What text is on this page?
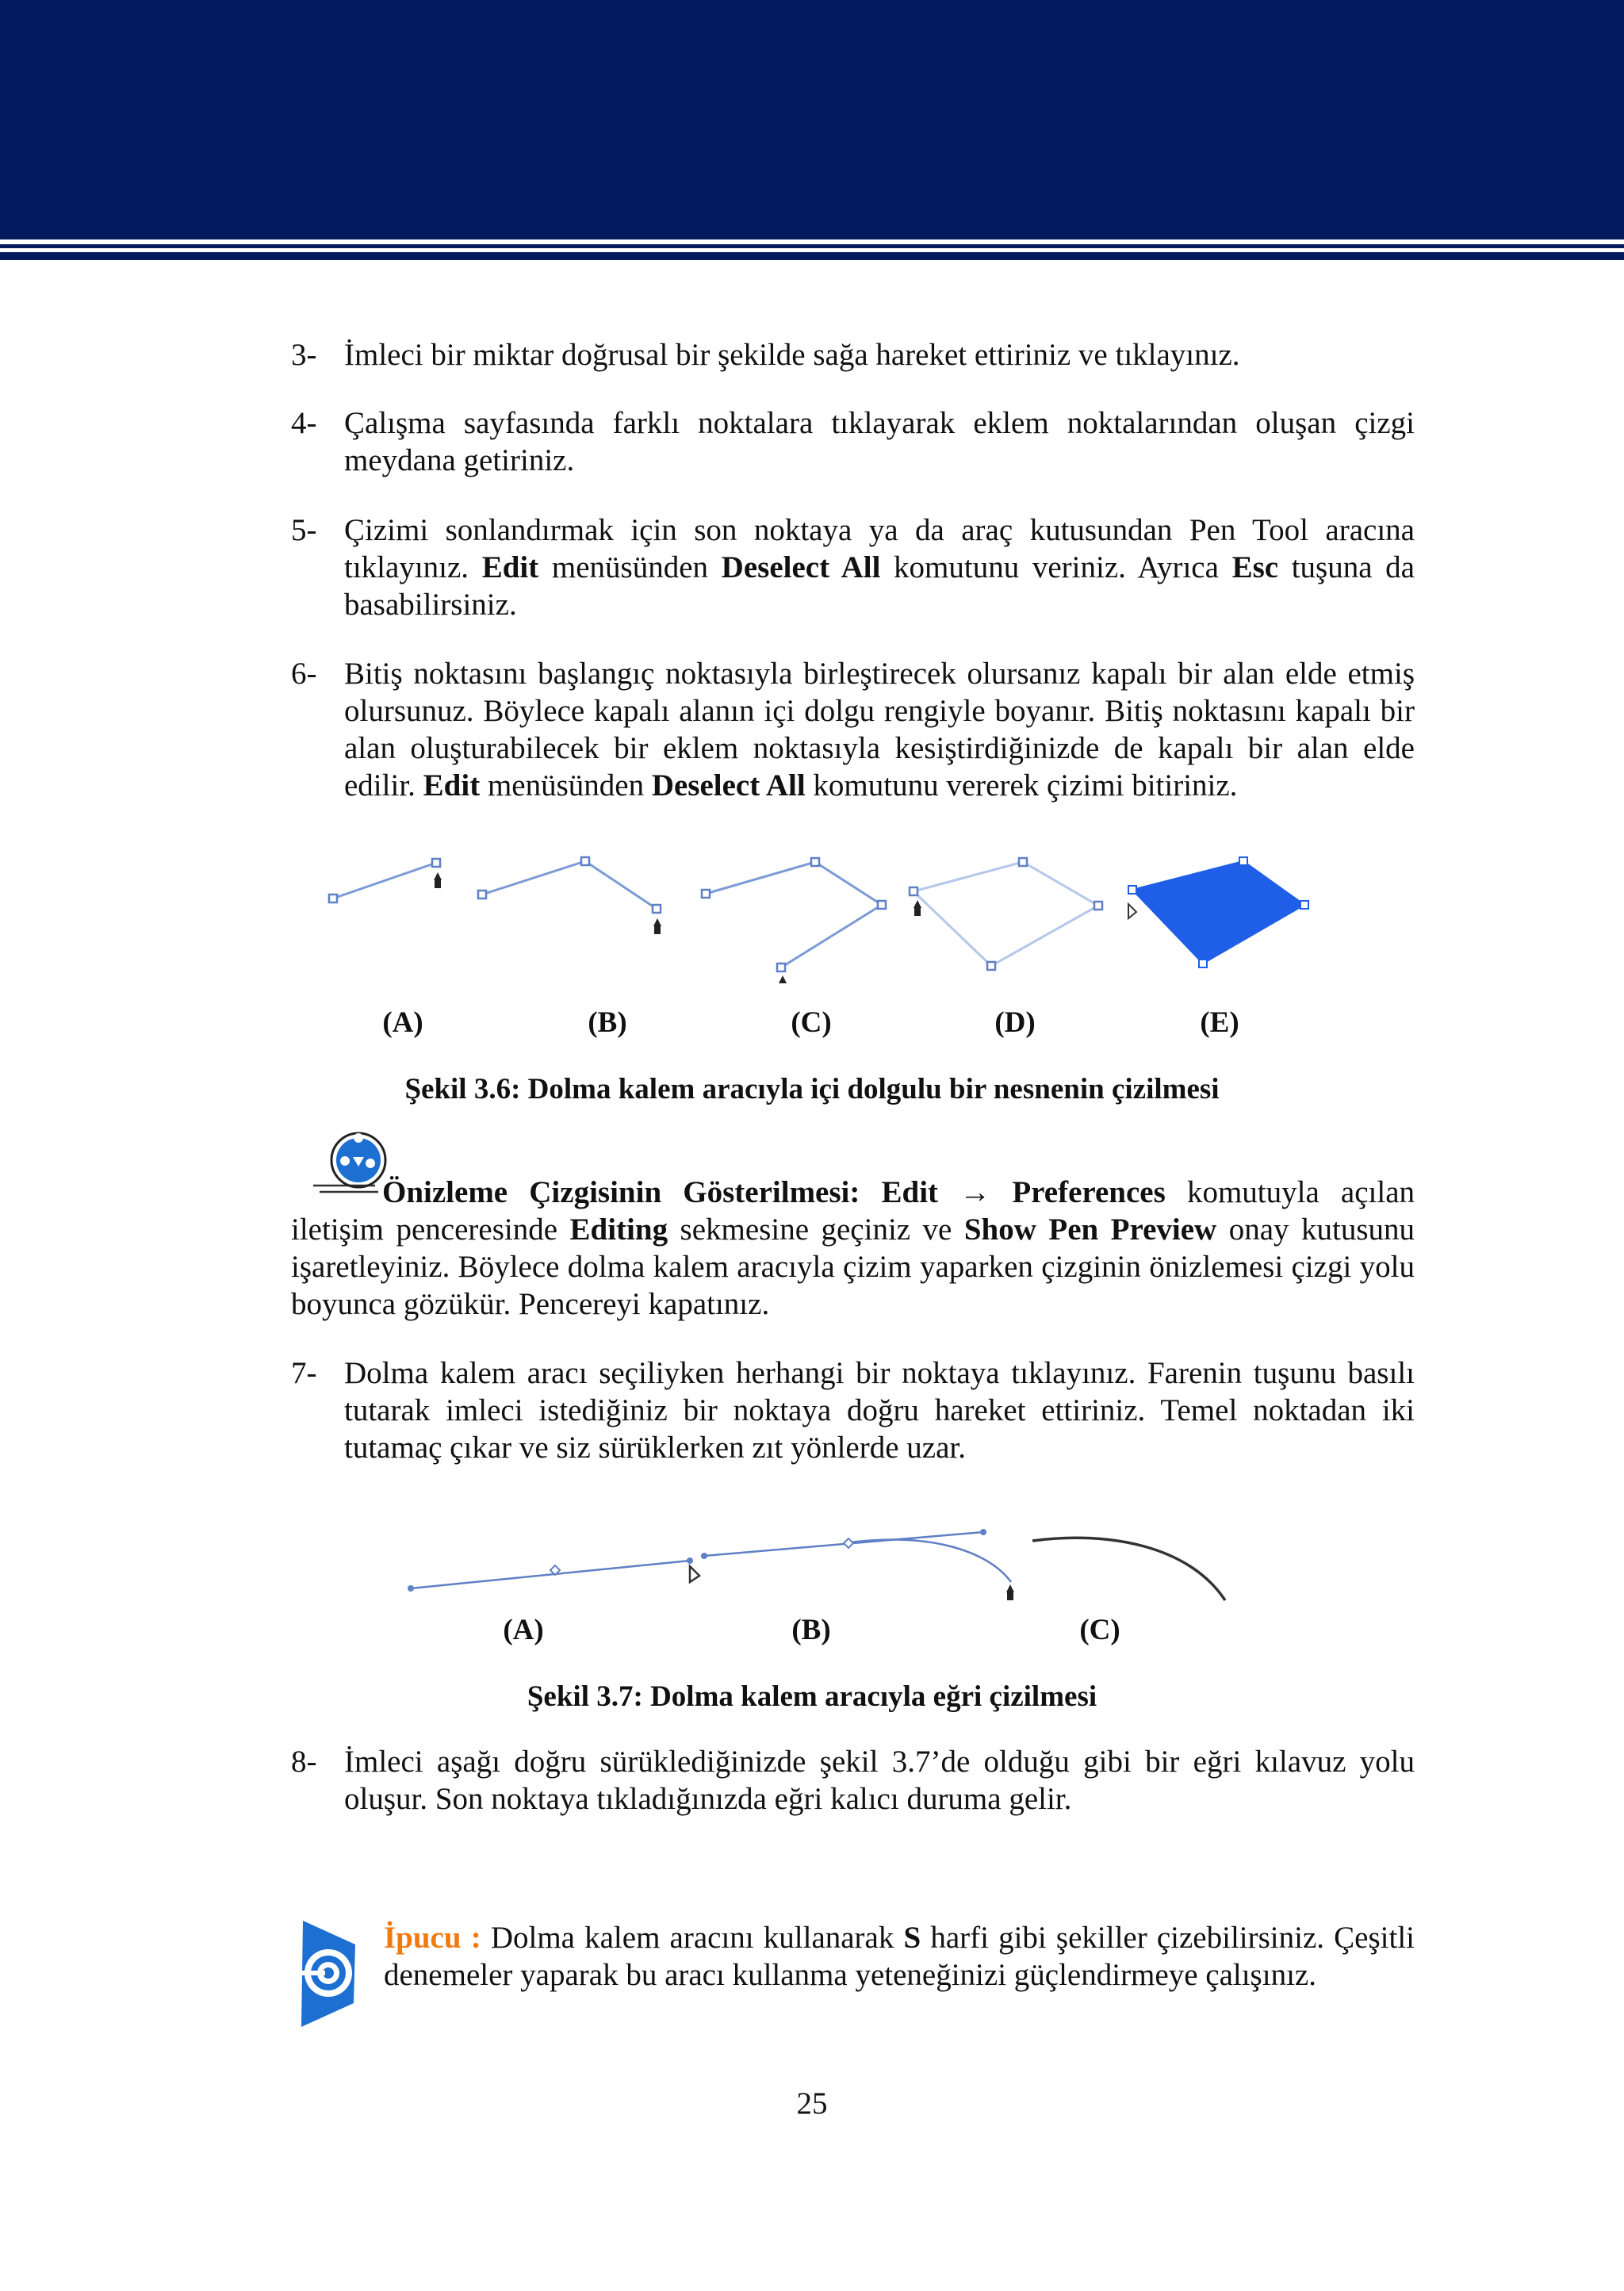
3- İmleci bir miktar doğrusal bir şekilde sağa hareket ettiriniz ve tıklayınız.
4- Çalışma sayfasında farklı noktalara tıklayarak eklem noktalarından oluşan çizgi meydana getiriniz.
5- Çizimi sonlandırmak için son noktaya ya da araç kutusundan Pen Tool aracına tıklayınız. Edit menüsünden Deselect All komutunu veriniz. Ayrıca Esc tuşuna da basabilirsiniz.
6- Bitiş noktasını başlangıç noktasıyla birleştirecek olursanız kapalı bir alan elde etmiş olursunuz. Böylece kapalı alanın içi dolgu rengiyle boyanır. Bitiş noktasını kapalı bir alan oluşturabilecek bir eklem noktasıyla kesiştirdiğinizde de kapalı bir alan elde edilir. Edit menüsünden Deselect All komutunu vererek çizimi bitiriniz.
(A)	(B)	(C)	(D)	(E)
Şekil 3.6: Dolma kalem aracıyla içi dolgulu bir nesnenin çizilmesi
Önizleme Çizgisinin Gösterilmesi: Edit → Preferences komutuyla açılan iletişim penceresinde Editing sekmesine geçiniz ve Show Pen Preview onay kutusunu işaretleyiniz. Böylece dolma kalem aracıyla çizim yaparken çizginin önizlemesi çizgi yolu boyunca gözükür. Pencereyi kapatınız.
7- Dolma kalem aracı seçiliyken herhangi bir noktaya tıklayınız. Farenin tuşunu basılı tutarak imleci istediğiniz bir noktaya doğru hareket ettiriniz. Temel noktadan iki tutamaç çıkar ve siz sürüklerken zıt yönlerde uzar.
(A)	(B)	(C)
Şekil 3.7: Dolma kalem aracıyla eğri çizilmesi
8- İmleci aşağı doğru sürüklediğinizde şekil 3.7’de olduğu gibi bir eğri kılavuz yolu oluşur. Son noktaya tıkladığınızda eğri kalıcı duruma gelir.
İpucu : Dolma kalem aracını kullanarak S harfi gibi şekiller çizebilirsiniz. Çeşitli denemeler yaparak bu aracı kullanma yeteneğinizi güçlendirmeye çalışınız.
25
